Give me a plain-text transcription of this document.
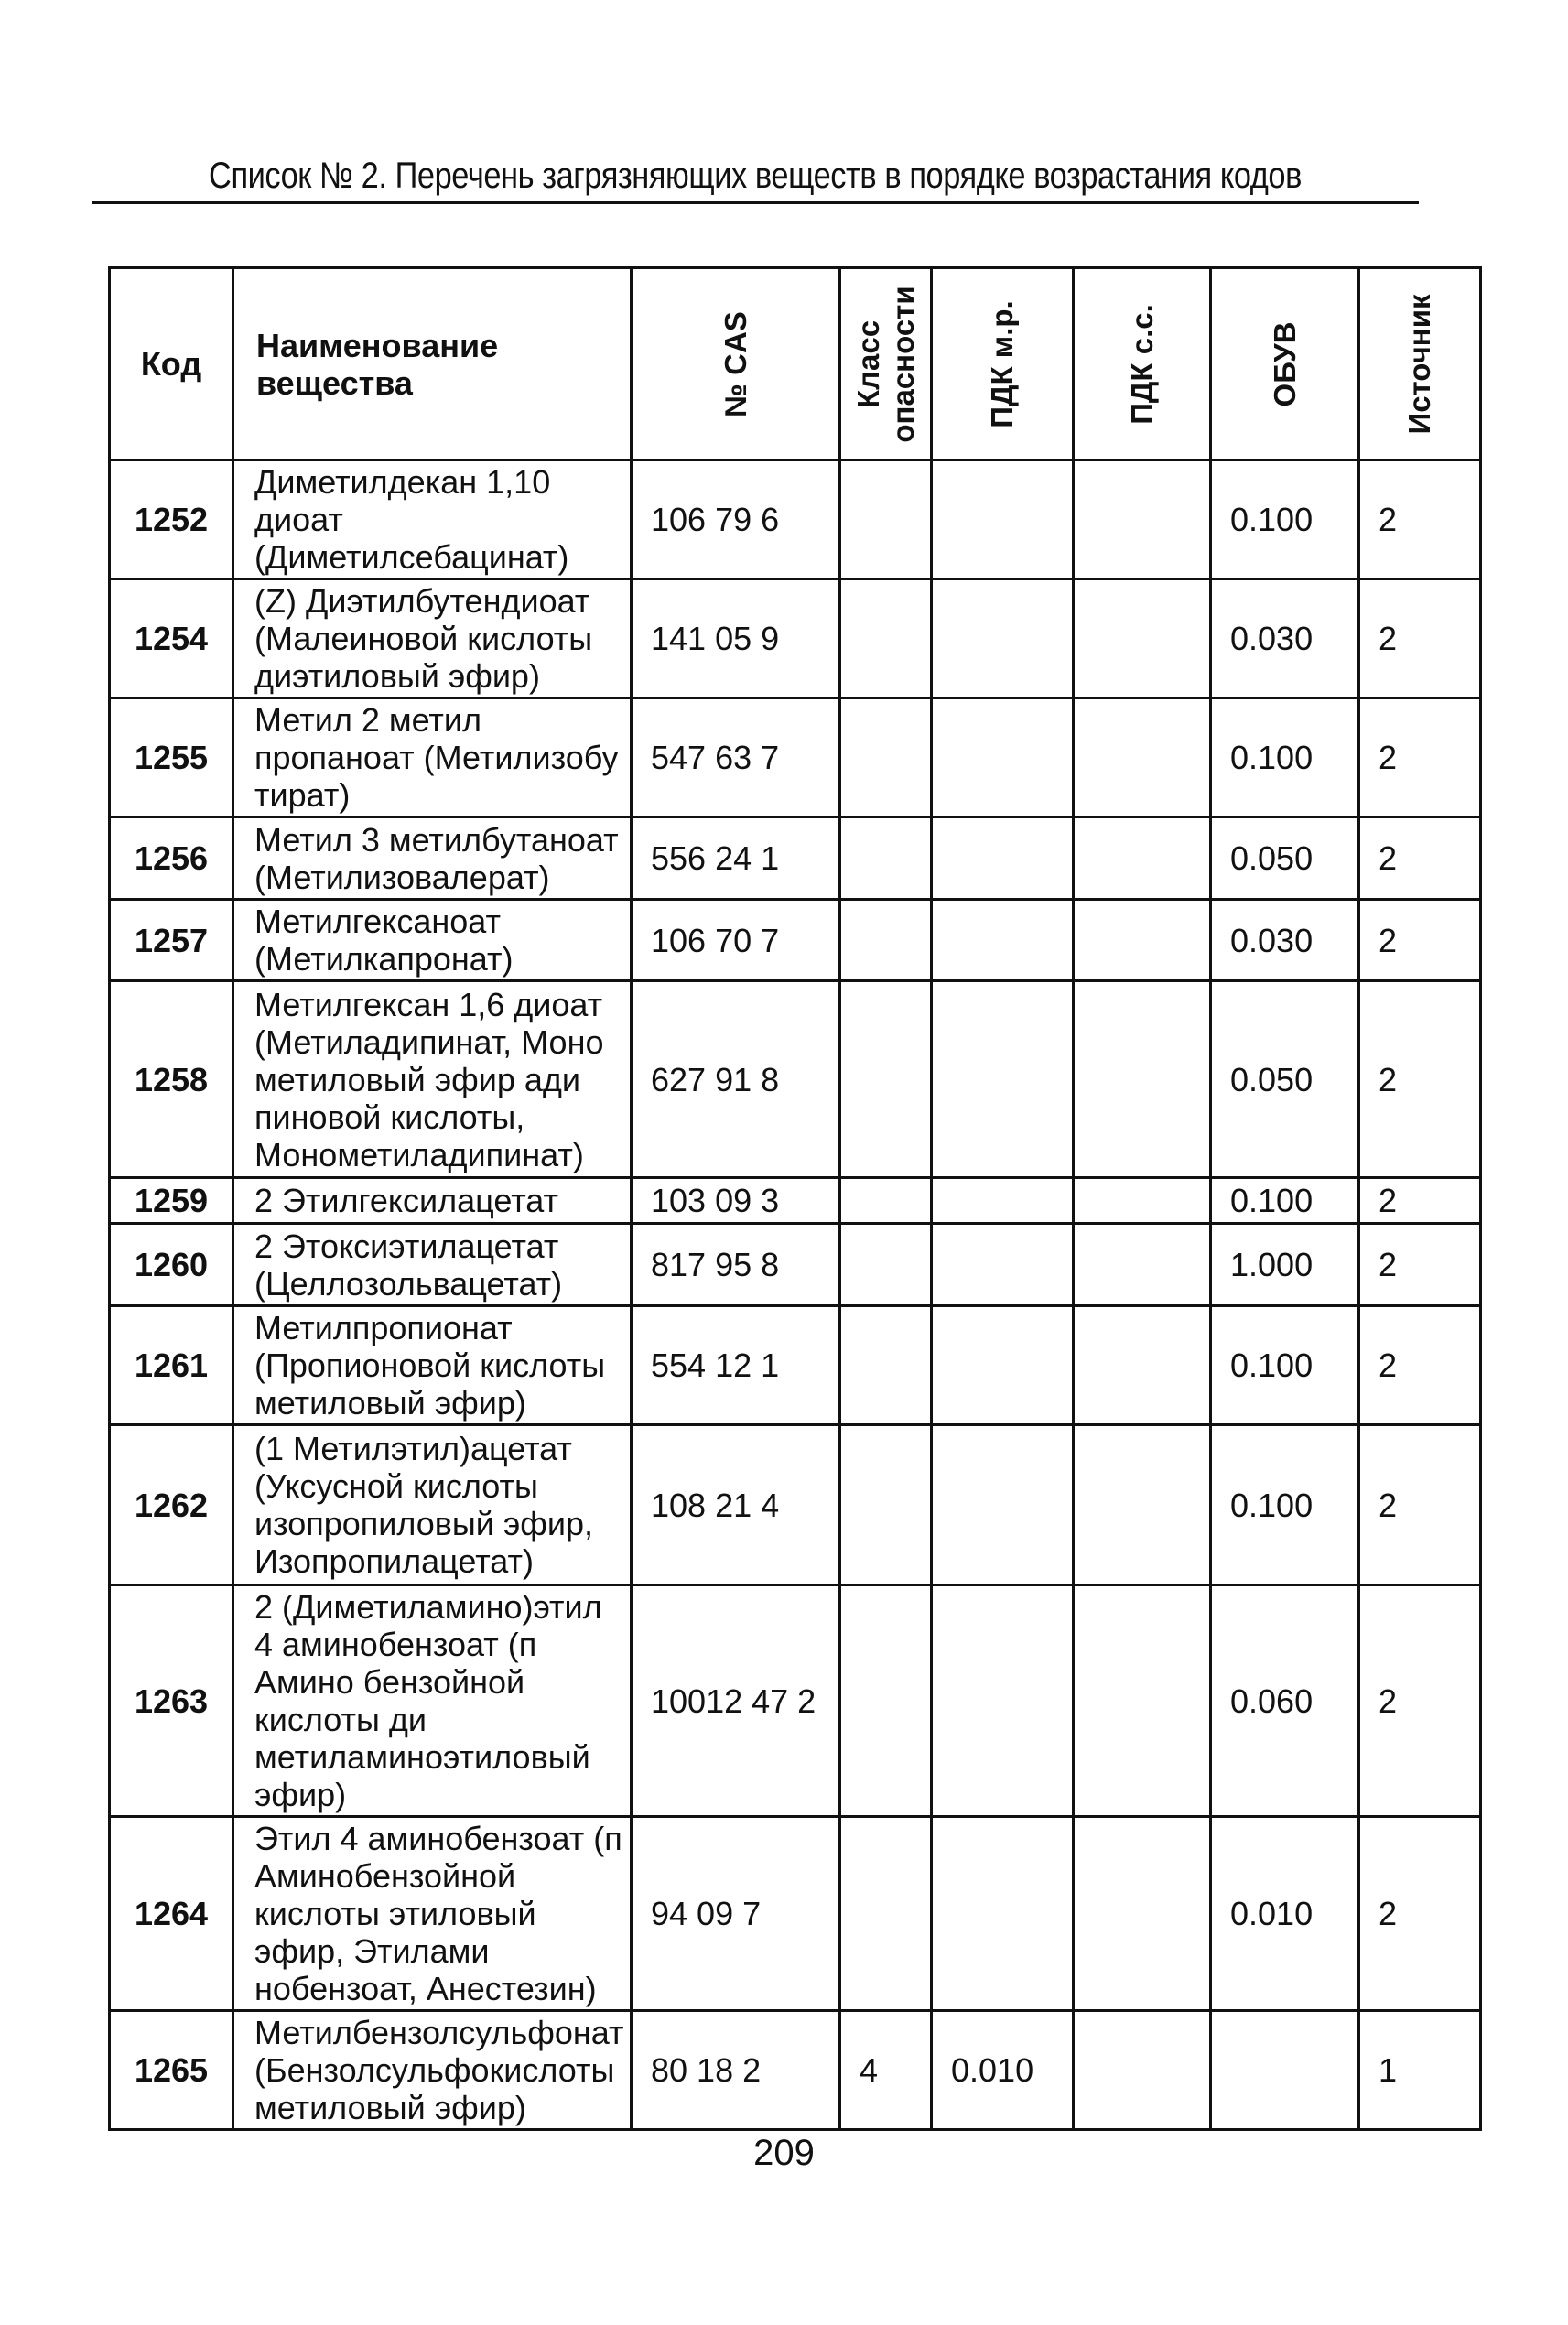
Список № 2. Перечень загрязняющих веществ в порядке возрастания кодов
Код	Наименование вещества	№ CAS	Класс опасности	ПДК м.р.	ПДК с.с.	ОБУВ	Источник

1252	Диметилдекан 1,10 диоат (Диметилсебацинат)	106 79 6				0.100	2
1254	(Z) Диэтилбутендиоат (Малеиновой кислоты диэтиловый эфир)	141 05 9				0.030	2
1255	Метил 2 метил пропаноат (Метилизобу тират)	547 63 7				0.100	2
1256	Метил 3 метилбутаноат (Метилизовалерат)	556 24 1				0.050	2
1257	Метилгексаноат (Метилкапронат)	106 70 7				0.030	2
1258	Метилгексан 1,6 диоат (Метиладипинат, Моно метиловый эфир ади пиновой кислоты, Монометиладипинат)	627 91 8				0.050	2
1259	2 Этилгексилацетат	103 09 3				0.100	2
1260	2 Этоксиэтилацетат (Целлозольвацетат)	817 95 8				1.000	2
1261	Метилпропионат (Пропионовой кислоты метиловый эфир)	554 12 1				0.100	2
1262	(1 Метилэтил)ацетат (Уксусной кислоты изопропиловый эфир, Изопропилацетат)	108 21 4				0.100	2
1263	2 (Диметиламино)этил 4 аминобензоат (п Амино бензойной кислоты ди метиламиноэтиловый эфир)	10012 47 2				0.060	2
1264	Этил 4 аминобензоат (п Аминобензойной кислоты этиловый эфир, Этилами нобензоат, Анестезин)	94 09 7				0.010	2
1265	Метилбензолсульфонат (Бензолсульфокислоты метиловый эфир)	80 18 2	4	0.010			1
209
